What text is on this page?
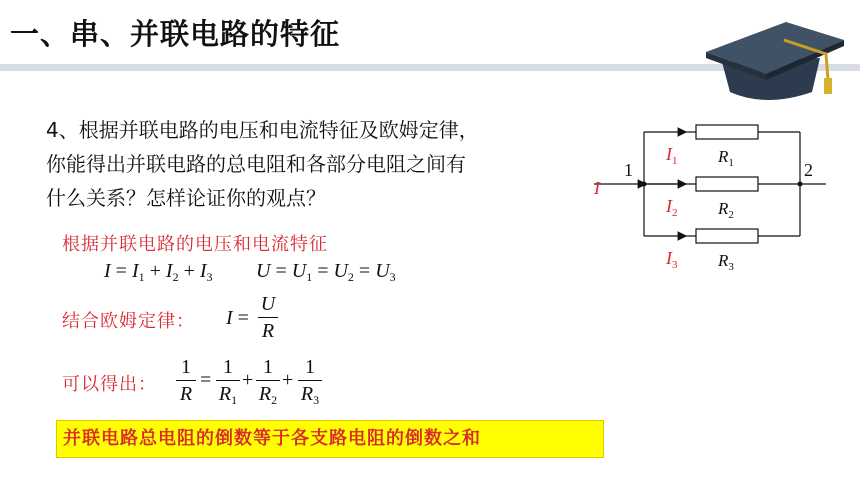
一、串、并联电路的特征
4、根据并联电路的电压和电流特征及欧姆定律，
你能得出并联电路的总电阻和各部分电阻之间有
什么关系？怎样论证你的观点？
根据并联电路的电压和电流特征
$I = I_1 + I_2 + I_3$ $U = U_1 = U_2 = U_3$
结合欧姆定律： I =
U
R
可以得出：
1
R
=
1
$R_1$
+
1
$R_2$
+
1
$R_3$
并联电路总电阻的倒数等于各支路电阻的倒数之和
1	2
I
$I_1$
$I_2$
$I_3$
$R_1$
$R_2$
$R_3$
